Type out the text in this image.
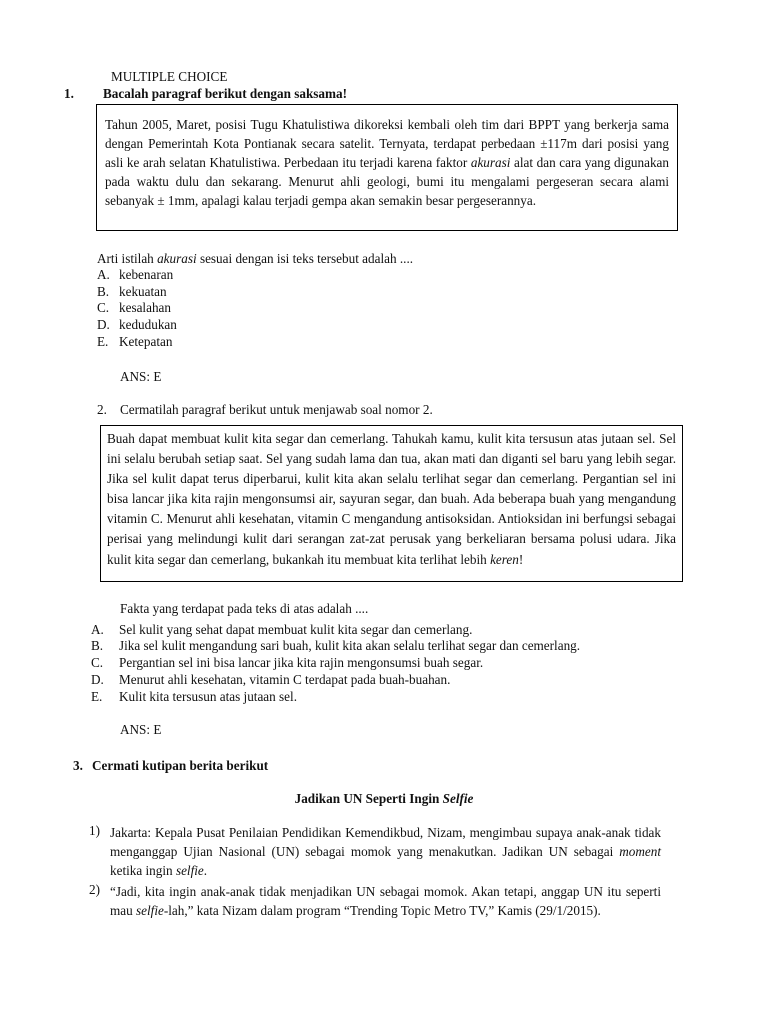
MULTIPLE CHOICE
1. Bacalah paragraf berikut dengan saksama!
Tahun 2005, Maret, posisi Tugu Khatulistiwa dikoreksi kembali oleh tim dari BPPT yang berkerja sama dengan Pemerintah Kota Pontianak secara satelit. Ternyata, terdapat perbedaan ±117m dari posisi yang asli ke arah selatan Khatulistiwa. Perbedaan itu terjadi karena faktor akurasi alat dan cara yang digunakan pada waktu dulu dan sekarang. Menurut ahli geologi, bumi itu mengalami pergeseran secara alami sebanyak ± 1mm, apalagi kalau terjadi gempa akan semakin besar pergeserannya.
Arti istilah akurasi sesuai dengan isi teks tersebut adalah ....
A. kebenaran
B. kekuatan
C. kesalahan
D. kedudukan
E. Ketepatan
ANS: E
2. Cermatilah paragraf berikut untuk menjawab soal nomor 2.
Buah dapat membuat kulit kita segar dan cemerlang. Tahukah kamu, kulit kita tersusun atas jutaan sel. Sel ini selalu berubah setiap saat. Sel yang sudah lama dan tua, akan mati dan diganti sel baru yang lebih segar. Jika sel kulit dapat terus diperbarui, kulit kita akan selalu terlihat segar dan cemerlang. Pergantian sel ini bisa lancar jika kita rajin mengonsumsi air, sayuran segar, dan buah. Ada beberapa buah yang mengandung vitamin C. Menurut ahli kesehatan, vitamin C mengandung antisoksidan. Antioksidan ini berfungsi sebagai perisai yang melindungi kulit dari serangan zat-zat perusak yang berkeliaran bersama polusi udara. Jika kulit kita segar dan cemerlang, bukankah itu membuat kita terlihat lebih keren!
Fakta yang terdapat pada teks di atas adalah ....
A. Sel kulit yang sehat dapat membuat kulit kita segar dan cemerlang.
B. Jika sel kulit mengandung sari buah, kulit kita akan selalu terlihat segar dan cemerlang.
C. Pergantian sel ini bisa lancar jika kita rajin mengonsumsi buah segar.
D. Menurut ahli kesehatan, vitamin C terdapat pada buah-buahan.
E. Kulit kita tersusun atas jutaan sel.
ANS: E
3. Cermati kutipan berita berikut
Jadikan UN Seperti Ingin Selfie
1) Jakarta: Kepala Pusat Penilaian Pendidikan Kemendikbud, Nizam, mengimbau supaya anak-anak tidak menganggap Ujian Nasional (UN) sebagai momok yang menakutkan. Jadikan UN sebagai moment ketika ingin selfie.
2) “Jadi, kita ingin anak-anak tidak menjadikan UN sebagai momok. Akan tetapi, anggap UN itu seperti mau selfie-lah,” kata Nizam dalam program “Trending Topic Metro TV,” Kamis (29/1/2015).
